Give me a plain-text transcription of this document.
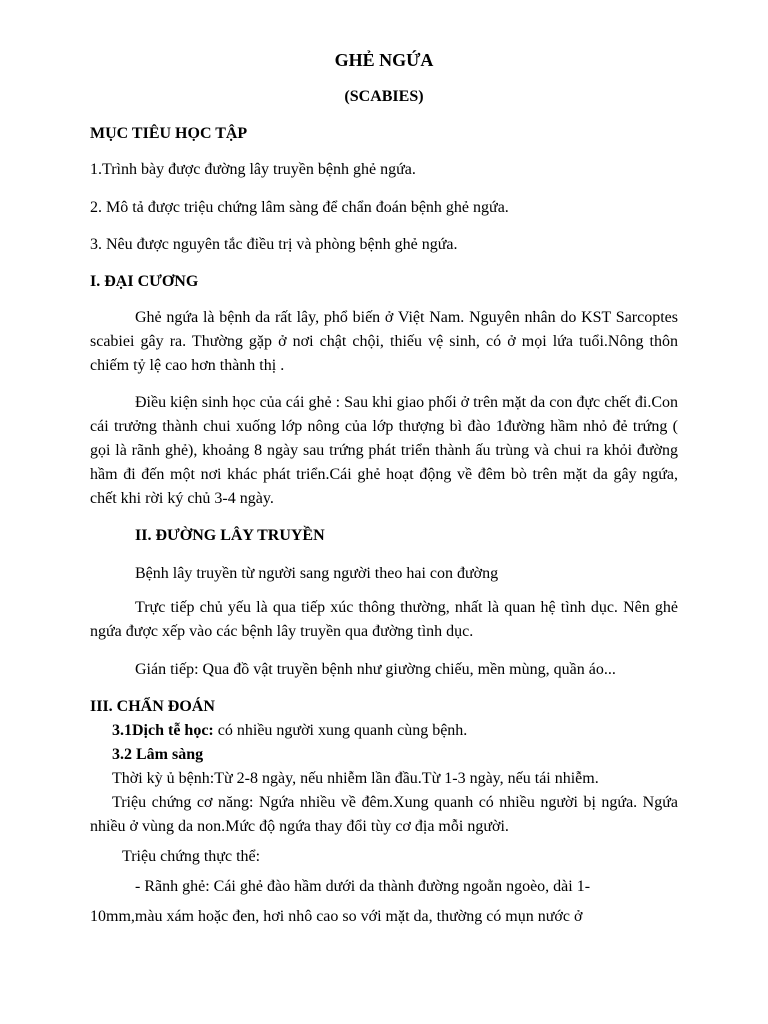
GHẺ NGỨA
(SCABIES)
MỤC TIÊU HỌC TẬP
1.Trình bày được đường lây truyền bệnh ghẻ ngứa.
2. Mô tả được triệu chứng lâm sàng để chẩn đoán bệnh ghẻ ngứa.
3. Nêu được nguyên tắc điều trị và phòng bệnh ghẻ ngứa.
I. ĐẠI CƯƠNG
Ghẻ ngứa là bệnh da rất lây, phổ biến ở Việt Nam. Nguyên nhân do KST Sarcoptes scabiei gây ra. Thường gặp ở nơi chật chội, thiếu vệ sinh, có ở mọi lứa tuổi.Nông thôn chiếm tỷ lệ cao hơn thành thị .
Điều kiện sinh học của cái ghẻ : Sau khi giao phối ở trên mặt da con đực chết đi.Con cái trưởng thành chui xuống lớp nông của lớp thượng bì đào 1đường hầm nhỏ đẻ trứng ( gọi là rãnh ghẻ), khoảng 8 ngày sau trứng phát triển thành ấu trùng và chui ra khỏi đường hầm đi đến một nơi khác phát triển.Cái ghẻ hoạt động về đêm bò trên mặt da gây ngứa, chết khi rời ký chủ 3-4 ngày.
II. ĐƯỜNG LÂY TRUYỀN
Bệnh lây truyền từ người sang người theo hai con đường
Trực tiếp chủ yếu là qua tiếp xúc thông thường, nhất là quan hệ tình dục. Nên ghẻ ngứa được xếp vào các bệnh lây truyền qua đường tình dục.
Gián tiếp: Qua đồ vật truyền bệnh như giường chiếu, mền mùng, quần áo...
III. CHẨN ĐOÁN
3.1Dịch tễ học: có nhiều người xung quanh cùng bệnh.
3.2 Lâm sàng
Thời kỳ ủ bệnh:Từ 2-8 ngày, nếu nhiễm lần đầu.Từ 1-3 ngày, nếu tái nhiễm.
Triệu chứng cơ năng: Ngứa nhiều về đêm.Xung quanh có nhiều người bị ngứa. Ngứa nhiều ở vùng da non.Mức độ ngứa thay đổi tùy cơ địa mỗi người.
Triệu chứng thực thể:
- Rãnh ghẻ: Cái ghẻ đào hầm dưới da thành đường ngoằn ngoèo, dài 1-
10mm,màu xám hoặc đen, hơi nhô cao so với mặt da, thường có mụn nước ở
